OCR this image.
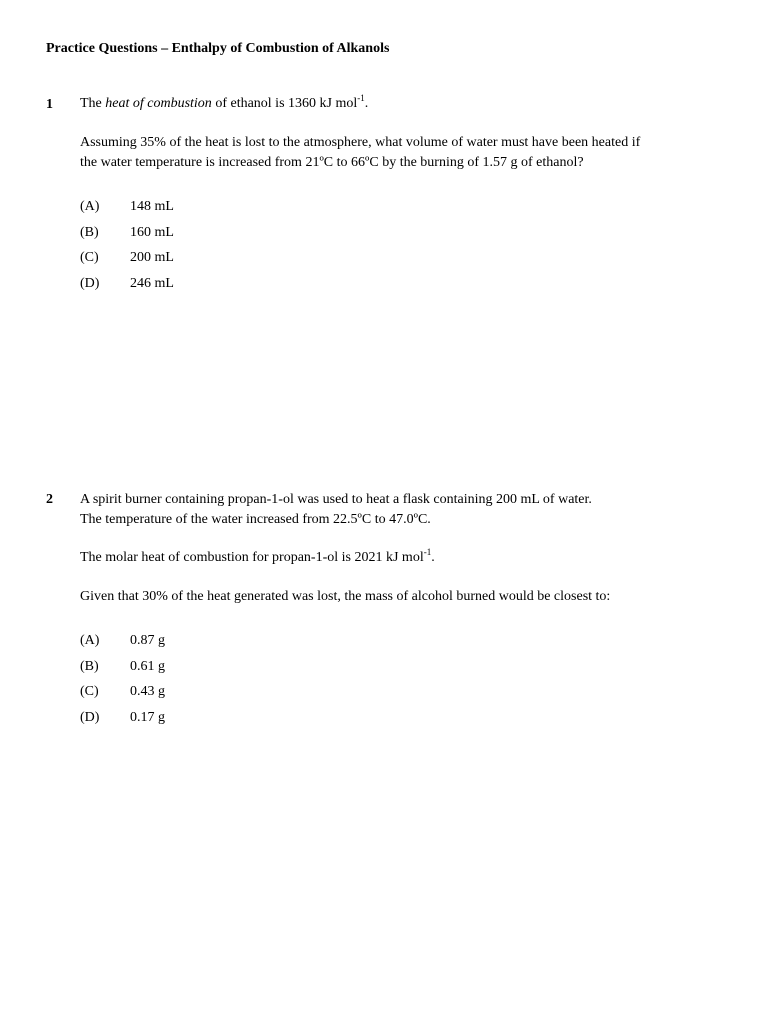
Practice Questions – Enthalpy of Combustion of Alkanols
1 The heat of combustion of ethanol is 1360 kJ mol$^{-1}$.
Assuming 35% of the heat is lost to the atmosphere, what volume of water must have been heated if
the water temperature is increased from 21ºC to 66ºC by the burning of 1.57 g of ethanol?
(A) 148 mL
(B) 160 mL
(C) 200 mL
(D) 246 mL
2 A spirit burner containing propan-1-ol was used to heat a flask containing 200 mL of water.
The temperature of the water increased from 22.5ºC to 47.0ºC.
The molar heat of combustion for propan-1-ol is 2021 kJ mol$^{-1}$.
Given that 30% of the heat generated was lost, the mass of alcohol burned would be closest to:
(A) 0.87 g
(B) 0.61 g
(C) 0.43 g
(D) 0.17 g
